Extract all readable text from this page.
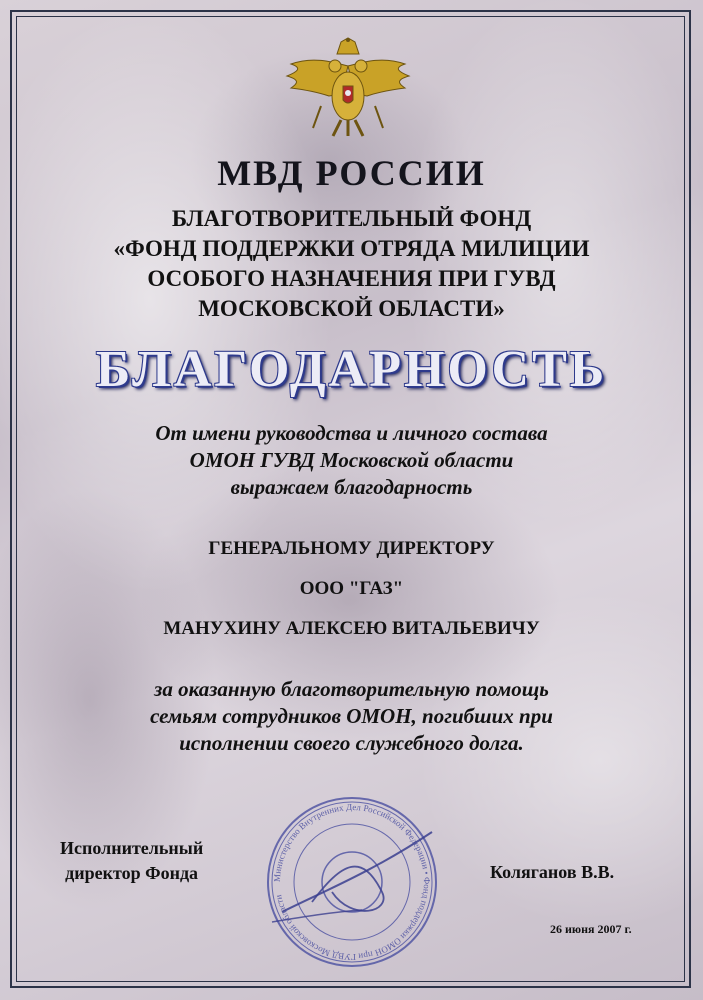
МВД РОССИИ
БЛАГОТВОРИТЕЛЬНЫЙ ФОНД
«ФОНД ПОДДЕРЖКИ ОТРЯДА МИЛИЦИИ
ОСОБОГО НАЗНАЧЕНИЯ ПРИ ГУВД
МОСКОВСКОЙ ОБЛАСТИ»
БЛАГОДАРНОСТЬ
От имени руководства и личного состава
ОМОН ГУВД Московской области
выражаем благодарность
ГЕНЕРАЛЬНОМУ ДИРЕКТОРУ
ООО "ГАЗ"
МАНУХИНУ АЛЕКСЕЮ ВИТАЛЬЕВИЧУ
за оказанную благотворительную помощь
семьям сотрудников ОМОН, погибших при
исполнении своего служебного долга.
Министерство Внутренних Дел Российской Федерации • Фонд поддержки ОМОН при ГУВД Московской области
Исполнительный
директор Фонда	Коляганов В.В.
26 июня 2007 г.
